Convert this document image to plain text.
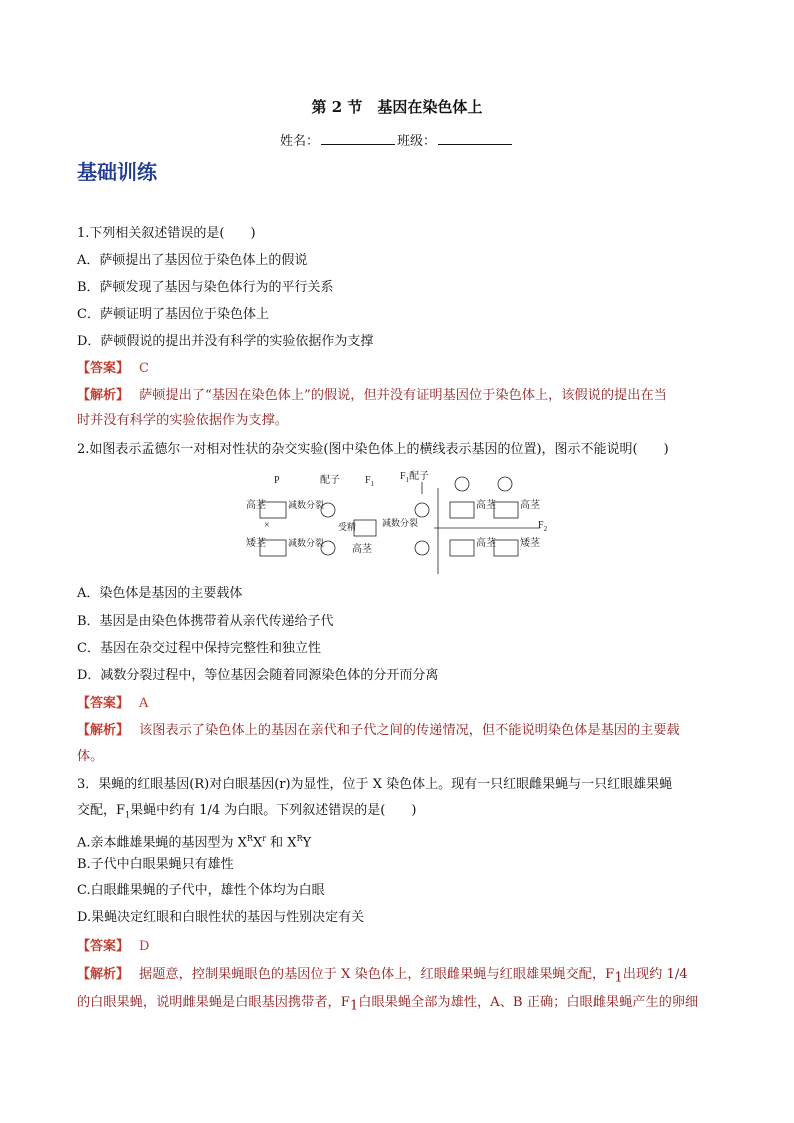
第 2 节　基因在染色体上
姓名：	班级：
基础训练
1.下列相关叙述错误的是(　　)
A．萨顿提出了基因位于染色体上的假说
B．萨顿发现了基因与染色体行为的平行关系
C．萨顿证明了基因位于染色体上
D．萨顿假说的提出并没有科学的实验依据作为支撑
【答案】 C
【解析】 萨顿提出了“基因在染色体上”的假说，但并没有证明基因位于染色体上，该假说的提出在当
时并没有科学的实验依据作为支撑。
2.如图表示孟德尔一对相对性状的杂交实验(图中染色体上的横线表示基因的位置)，图示不能说明(　　)
P	配子	$F_1$
$F_1$配子
高茎
矮茎
×
减数分裂
减数分裂
受精
高茎
减数分裂
高茎 高茎
高茎 矮茎
$F_2$
A．染色体是基因的主要载体
B．基因是由染色体携带着从亲代传递给子代
C．基因在杂交过程中保持完整性和独立性
D．减数分裂过程中，等位基因会随着同源染色体的分开而分离
【答案】 A
【解析】 该图表示了染色体上的基因在亲代和子代之间的传递情况，但不能说明染色体是基因的主要载
体。
3．果蝇的红眼基因(R)对白眼基因(r)为显性，位于 X 染色体上。现有一只红眼雌果蝇与一只红眼雄果蝇
交配，$F_1$果蝇中约有 1/4 为白眼。下列叙述错误的是(　　)
A.亲本雌雄果蝇的基因型为 $X^RX^r$ 和 $X^RY$
B.子代中白眼果蝇只有雄性
C.白眼雌果蝇的子代中，雄性个体均为白眼
D.果蝇决定红眼和白眼性状的基因与性别决定有关
【答案】 D
【解析】 据题意，控制果蝇眼色的基因位于 X 染色体上，红眼雌果蝇与红眼雄果蝇交配，$F_1$出现约 1/4
的白眼果蝇，说明雌果蝇是白眼基因携带者，$F_1$白眼果蝇全部为雄性，A、B 正确；白眼雌果蝇产生的卵细
